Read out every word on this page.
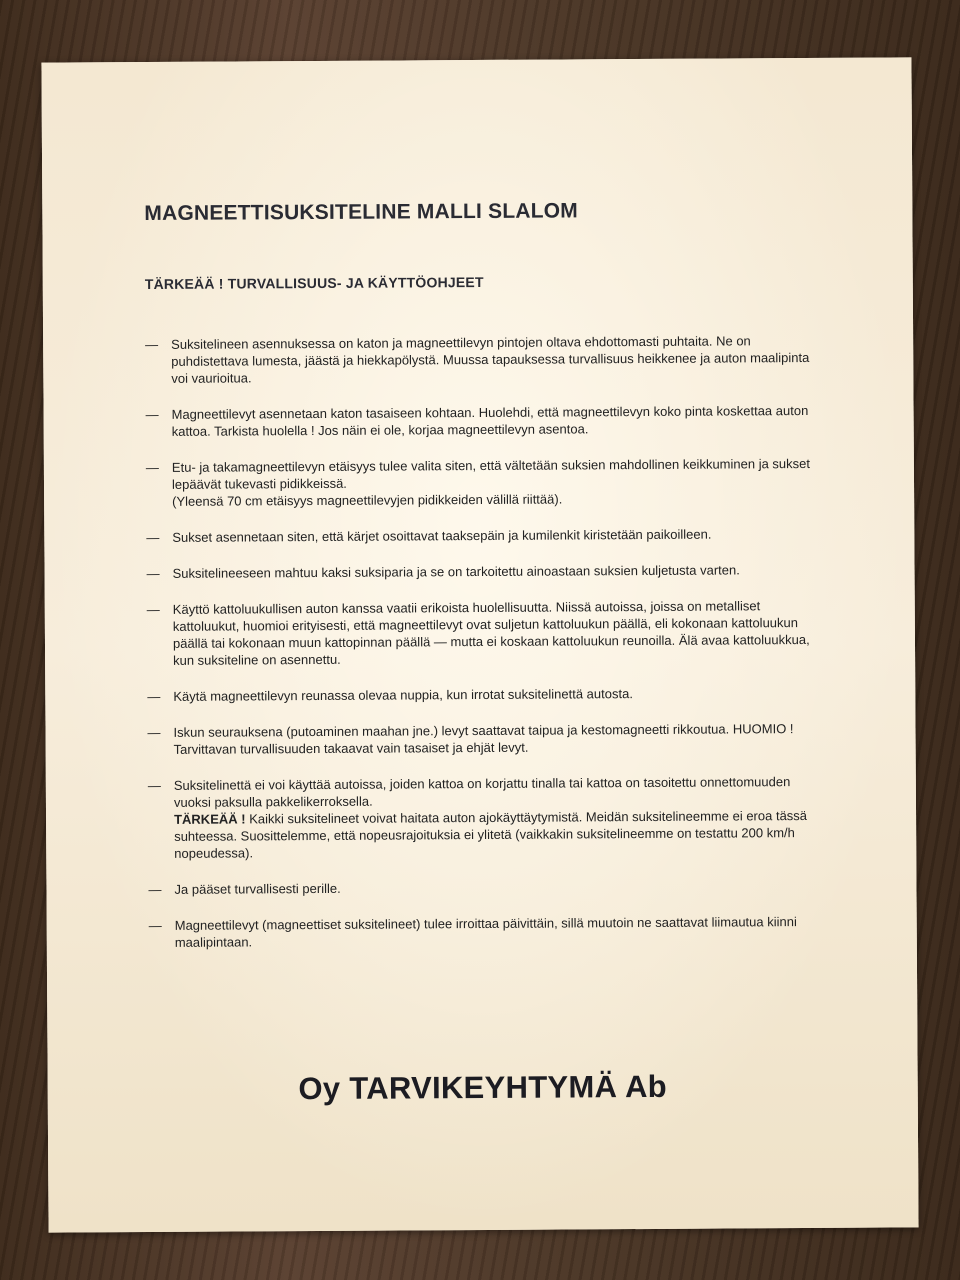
MAGNEETTISUKSITELINE MALLI SLALOM
TÄRKEÄÄ ! TURVALLISUUS- JA KÄYTTÖOHJEET
— Suksitelineen asennuksessa on katon ja magneettilevyn pintojen oltava ehdottomasti puhtaita. Ne on puhdistettava lumesta, jäästä ja hiekkapölystä. Muussa tapauksessa turvallisuus heikkenee ja auton maalipinta voi vaurioitua.
— Magneettilevyt asennetaan katon tasaiseen kohtaan. Huolehdi, että magneettilevyn koko pinta koskettaa auton kattoa. Tarkista huolella ! Jos näin ei ole, korjaa magneettilevyn asentoa.
— Etu- ja takamagneettilevyn etäisyys tulee valita siten, että vältetään suksien mahdollinen keikkuminen ja sukset lepäävät tukevasti pidikkeissä.
(Yleensä 70 cm etäisyys magneettilevyjen pidikkeiden välillä riittää).
— Sukset asennetaan siten, että kärjet osoittavat taaksepäin ja kumilenkit kiristetään paikoilleen.
— Suksitelineeseen mahtuu kaksi suksiparia ja se on tarkoitettu ainoastaan suksien kuljetusta varten.
— Käyttö kattoluukullisen auton kanssa vaatii erikoista huolellisuutta. Niissä autoissa, joissa on metalliset kattoluukut, huomioi erityisesti, että magneettilevyt ovat suljetun kattoluukun päällä, eli kokonaan kattoluukun päällä tai kokonaan muun kattopinnan päällä — mutta ei koskaan kattoluukun reunoilla. Älä avaa kattoluukkua, kun suksiteline on asennettu.
— Käytä magneettilevyn reunassa olevaa nuppia, kun irrotat suksitelinettä autosta.
— Iskun seurauksena (putoaminen maahan jne.) levyt saattavat taipua ja kestomagneetti rikkoutua. HUOMIO ! Tarvittavan turvallisuuden takaavat vain tasaiset ja ehjät levyt.
— Suksitelinettä ei voi käyttää autoissa, joiden kattoa on korjattu tinalla tai kattoa on tasoitettu onnettomuuden vuoksi paksulla pakkelikerroksella.
TÄRKEÄÄ ! Kaikki suksitelineet voivat haitata auton ajokäyttäytymistä. Meidän suksitelineemme ei eroa tässä suhteessa. Suosittelemme, että nopeusrajoituksia ei ylitetä (vaikkakin suksitelineemme on testattu 200 km/h nopeudessa).
— Ja pääset turvallisesti perille.
— Magneettilevyt (magneettiset suksitelineet) tulee irroittaa päivittäin, sillä muutoin ne saattavat liimautua kiinni maalipintaan.
Oy TARVIKEYHTYMÄ Ab
